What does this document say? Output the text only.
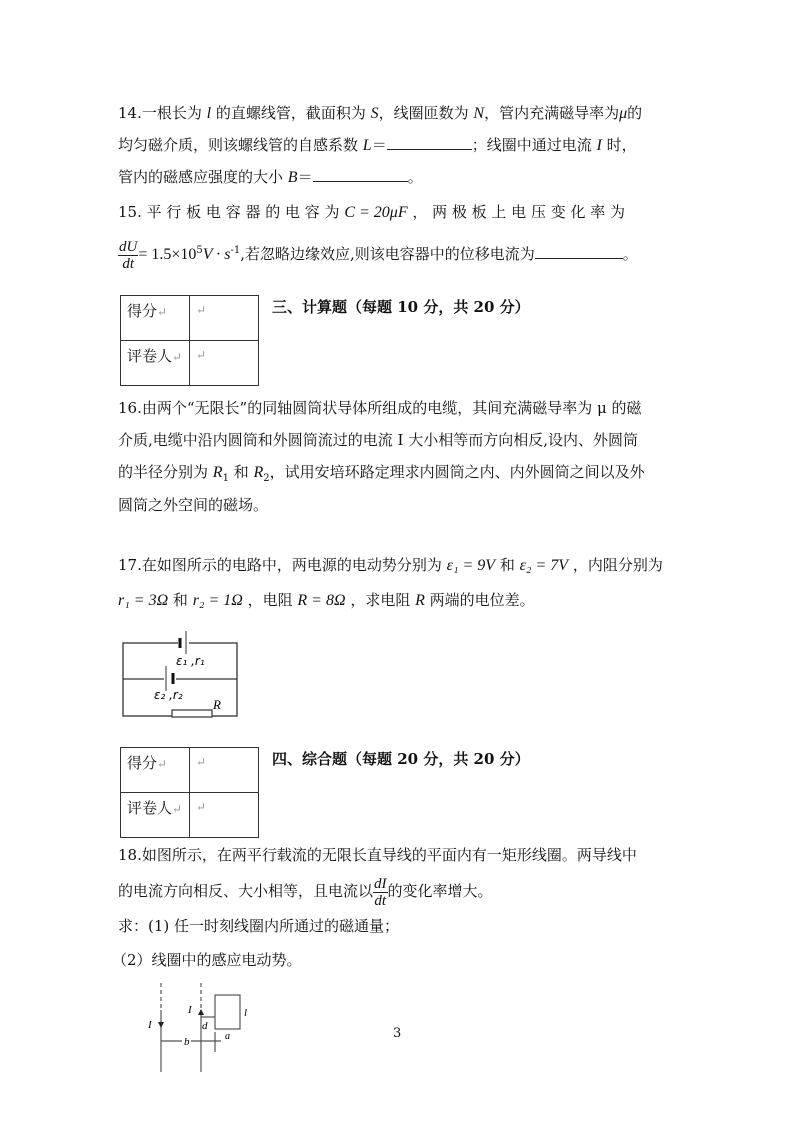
14.一根长为 l 的直螺线管，截面积为 S，线圈匝数为 N，管内充满磁导率为μ的
均匀磁介质，则该螺线管的自感系数 L＝	；线圈中通过电流 I 时，
管内的磁感应强度的大小 B＝	。
15. 平 行 板 电 容 器 的 电 容 为 C = 20μF ， 两 极 板 上 电 压 变 化 率 为
$\frac{dU}{dt} = 1.5\times 10^5V \cdot s^{-1}$,若忽略边缘效应,则该电容器中的位移电流为	。
得分↵	↵
评卷人↵	↵
三、计算题（每题 10 分，共 20 分）
16.由两个“无限长”的同轴圆筒状导体所组成的电缆，其间充满磁导率为 μ 的磁
介质,电缆中沿内圆筒和外圆筒流过的电流 I 大小相等而方向相反,设内、外圆筒
的半径分别为 $R_1$ 和 $R_2$，试用安培环路定理求内圆筒之内、内外圆筒之间以及外
圆筒之外空间的磁场。
17.在如图所示的电路中，两电源的电动势分别为 ε₁ = 9V 和 ε₂ = 7V ，内阻分别为
r₁ = 3Ω 和 r₂ = 1Ω ，电阻 R = 8Ω ，求电阻 R 两端的电位差。
ε₁ ,r₁
ε₂ ,r₂
R
得分↵	↵
评卷人↵	↵
四、综合题（每题 20 分，共 20 分）
18.如图所示，在两平行载流的无限长直导线的平面内有一矩形线圈。两导线中
的电流方向相反、大小相等，且电流以 $\frac{dI}{dt}$ 的变化率增大。
求：(1) 任一时刻线圈内所通过的磁通量；
（2）线圈中的感应电动势。
I
I
d
b	a
l
3
